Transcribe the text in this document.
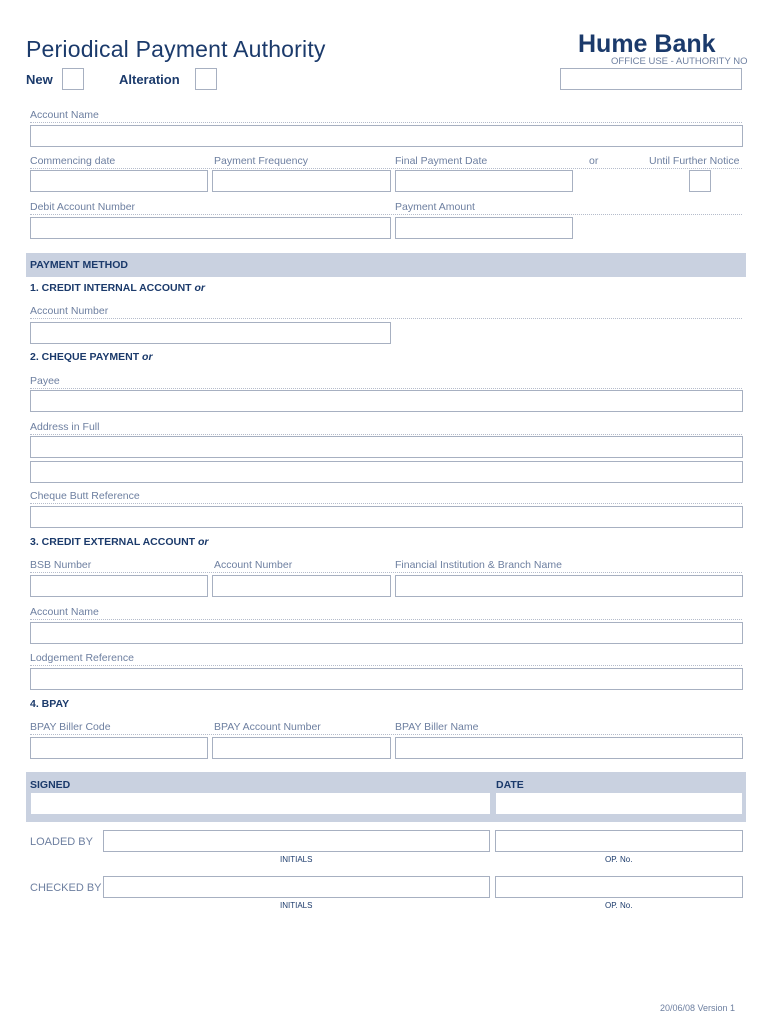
Periodical Payment Authority	Hume Bank
OFFICE USE - AUTHORITY NO
New	Alteration
Account Name
Commencing date	Payment Frequency	Final Payment Date	or	Until Further Notice
Debit Account Number	Payment Amount
PAYMENT METHOD
1. CREDIT INTERNAL ACCOUNT or
Account Number
2. CHEQUE PAYMENT or
Payee
Address in Full
Cheque Butt Reference
3. CREDIT EXTERNAL ACCOUNT or
BSB Number	Account Number	Financial Institution & Branch Name
Account Name
Lodgement Reference
4. BPAY
BPAY Biller Code	BPAY Account Number	BPAY Biller Name
SIGNED	DATE
LOADED BY
INITIALS	OP. No.
CHECKED BY
INITIALS	OP. No.
20/06/08 Version 1
